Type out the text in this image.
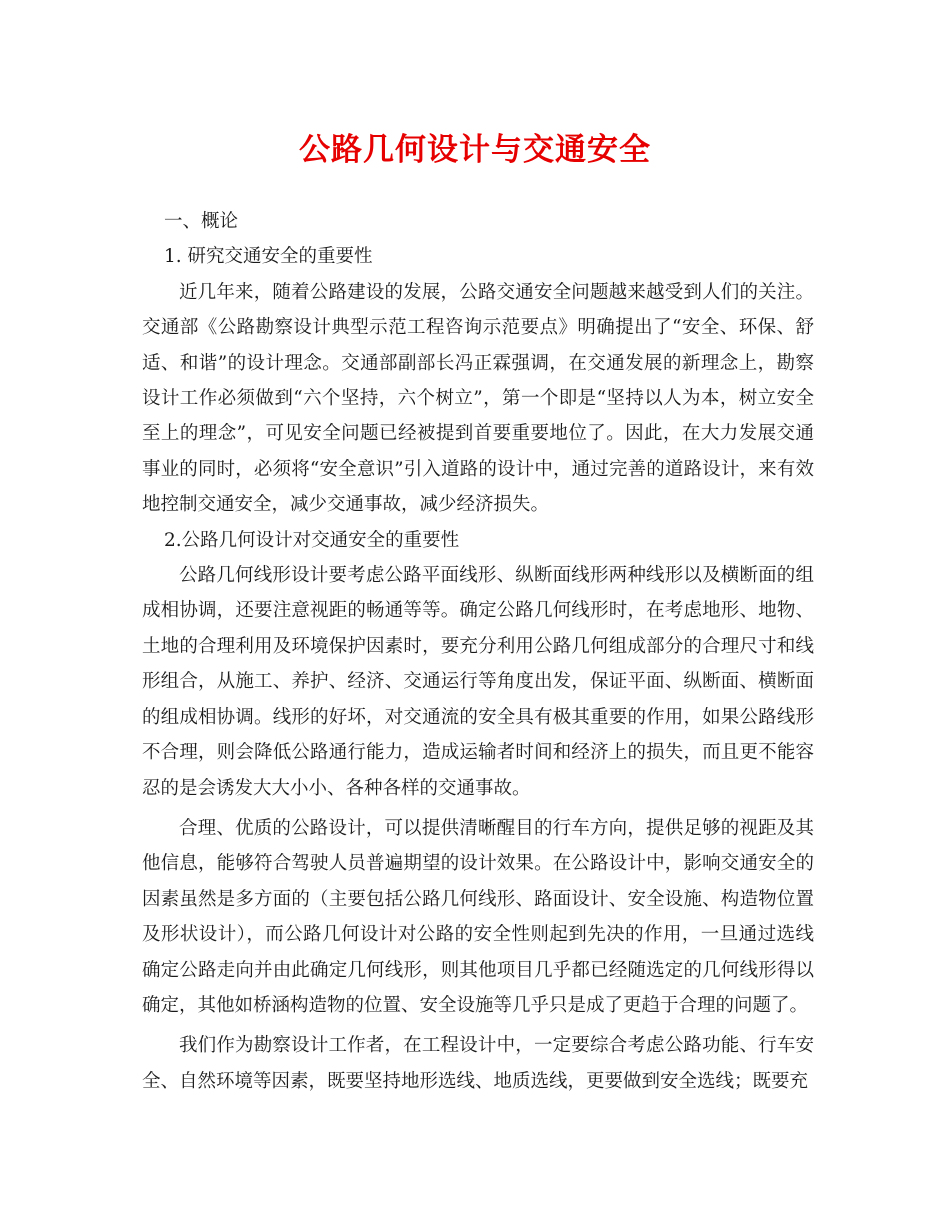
公路几何设计与交通安全

一、概论

1. 研究交通安全的重要性

近几年来，随着公路建设的发展，公路交通安全问题越来越受到人们的关注。交通部《公路勘察设计典型示范工程咨询示范要点》明确提出了“安全、环保、舒适、和谐”的设计理念。交通部副部长冯正霖强调，在交通发展的新理念上，勘察设计工作必须做到“六个坚持，六个树立”，第一个即是“坚持以人为本，树立安全至上的理念”，可见安全问题已经被提到首要重要地位了。因此，在大力发展交通事业的同时，必须将“安全意识”引入道路的设计中，通过完善的道路设计，来有效地控制交通安全，减少交通事故，减少经济损失。

2.公路几何设计对交通安全的重要性

公路几何线形设计要考虑公路平面线形、纵断面线形两种线形以及横断面的组成相协调，还要注意视距的畅通等等。确定公路几何线形时，在考虑地形、地物、土地的合理利用及环境保护因素时，要充分利用公路几何组成部分的合理尺寸和线形组合，从施工、养护、经济、交通运行等角度出发，保证平面、纵断面、横断面的组成相协调。线形的好坏，对交通流的安全具有极其重要的作用，如果公路线形不合理，则会降低公路通行能力，造成运输者时间和经济上的损失，而且更不能容忍的是会诱发大大小小、各种各样的交通事故。

合理、优质的公路设计，可以提供清晰醒目的行车方向，提供足够的视距及其他信息，能够符合驾驶人员普遍期望的设计效果。在公路设计中，影响交通安全的因素虽然是多方面的（主要包括公路几何线形、路面设计、安全设施、构造物位置及形状设计），而公路几何设计对公路的安全性则起到先决的作用，一旦通过选线确定公路走向并由此确定几何线形，则其他项目几乎都已经随选定的几何线形得以确定，其他如桥涵构造物的位置、安全设施等几乎只是成了更趋于合理的问题了。

我们作为勘察设计工作者，在工程设计中，一定要综合考虑公路功能、行车安全、自然环境等因素，既要坚持地形选线、地质选线，更要做到安全选线；既要充
